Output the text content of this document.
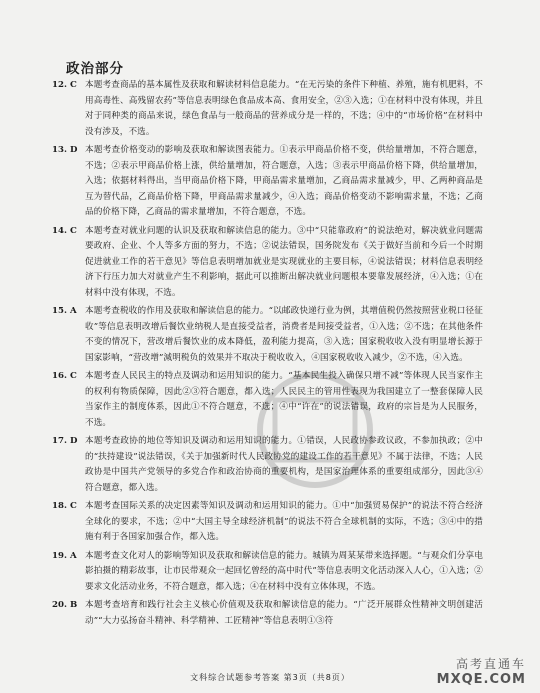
政治部分
12. C 本题考查商品的基本属性及获取和解读材料信息能力。“在无污染的条件下种植、养殖，施有机肥料，不用高毒性、高残留农药”等信息表明绿色食品成本高、食用安全，②③入选；①在材料中没有体现，并且对于同种类的商品来说，绿色食品与一般商品的营养成分是一样的，不选；④中的“市场价格”在材料中没有涉及，不选。
13. D 本题考查价格变动的影响及获取和解读图表能力。①表示甲商品价格不变，供给量增加，不符合题意，不选；②表示甲商品价格上涨，供给量增加，符合题意，入选；③表示甲商品价格下降，供给量增加，入选；依据材料得出，当甲商品价格下降，甲商品需求量增加，乙商品需求量减少，甲、乙两种商品是互为替代品，乙商品价格下降，甲商品需求量减少，④入选；商品价格变动不影响需求量，不选；乙商品的价格下降，乙商品的需求量增加，不符合题意，不选。
14. C 本题考查对就业问题的认识及获取和解读信息的能力。③中“只能靠政府”的说法绝对，解决就业问题需要政府、企业、个人等多方面的努力，不选；②说法错误，国务院发布《关于做好当前和今后一个时期促进就业工作的若干意见》等信息表明增加就业是实现就业的主要目标，④说法错误；材料信息表明经济下行压力加大对就业产生不利影响，据此可以推断出解决就业问题根本要靠发展经济，④入选；①在材料中没有体现，不选。
15. A 本题考查税收的作用及获取和解读信息的能力。“以邮政快递行业为例，其增值税仍然按照营业税口径征收”等信息表明改增后餐饮业纳税人是直接受益者，消费者是间接受益者，①入选；②不选；在其他条件不变的情况下，营改增后餐饮业的成本降低，盈利能力提高，③入选；国家税收收入没有明显增长源于国家影响，“营改增”減明税负的效果并不取决于税收收入，④国家税收收入减少，②不选，④入选。
16. C 本题考查人民民主的特点及调动和运用知识的能力。“基本民生投入确保只增不减”等体现人民当家作主的权利有物质保障，因此②③符合题意，都入选；人民民主的管用性表现为我国建立了一整套保障人民当家作主的制度体系，因此①不符合题意，不选；④中“许在”的说法错误，政府的宗旨是为人民服务，不选。
17. D 本题考查政协的地位等知识及调动和运用知识的能力。①错误，人民政协参政议政，不参加执政；②中的“扶持建设”说法错误，《关于加强新时代人民政协党的建设工作的若干意见》不属于法律，不选；人民政协是中国共产党领导的多党合作和政治协商的重要机构，是国家治理体系的重要组成部分，因此③④符合题意，都入选。
18. C 本题考查国际关系的决定因素等知识及调动和运用知识的能力。①中“加强贸易保护”的说法不符合经济全球化的要求，不选；②中“大国主导全球经济机制”的说法不符合全球机制的实际，不选；③④中的措施有利于各国家加强合作，都入选。
19. A 本题考查文化对人的影响等知识及获取和解读信息的能力。城镇为周某某带来选择题。“与观众们分享电影拍摄的精彩故事，让市民带观众一起回忆曾经的高中时代”等信息表明文化活动深入人心，①入选；②要求文化活动业务，不符合题意，都入选；④在材料中没有立体体现，不选。
20. B 本题考查培育和践行社会主义核心价值观及获取和解读信息的能力。“广泛开展群众性精神文明创建活动”“大力弘扬奋斗精神、科学精神、工匠精神”等信息表明①③符
文科综合试题参考答案 第3页（共8页）
高考直通车
MXQE.COM
